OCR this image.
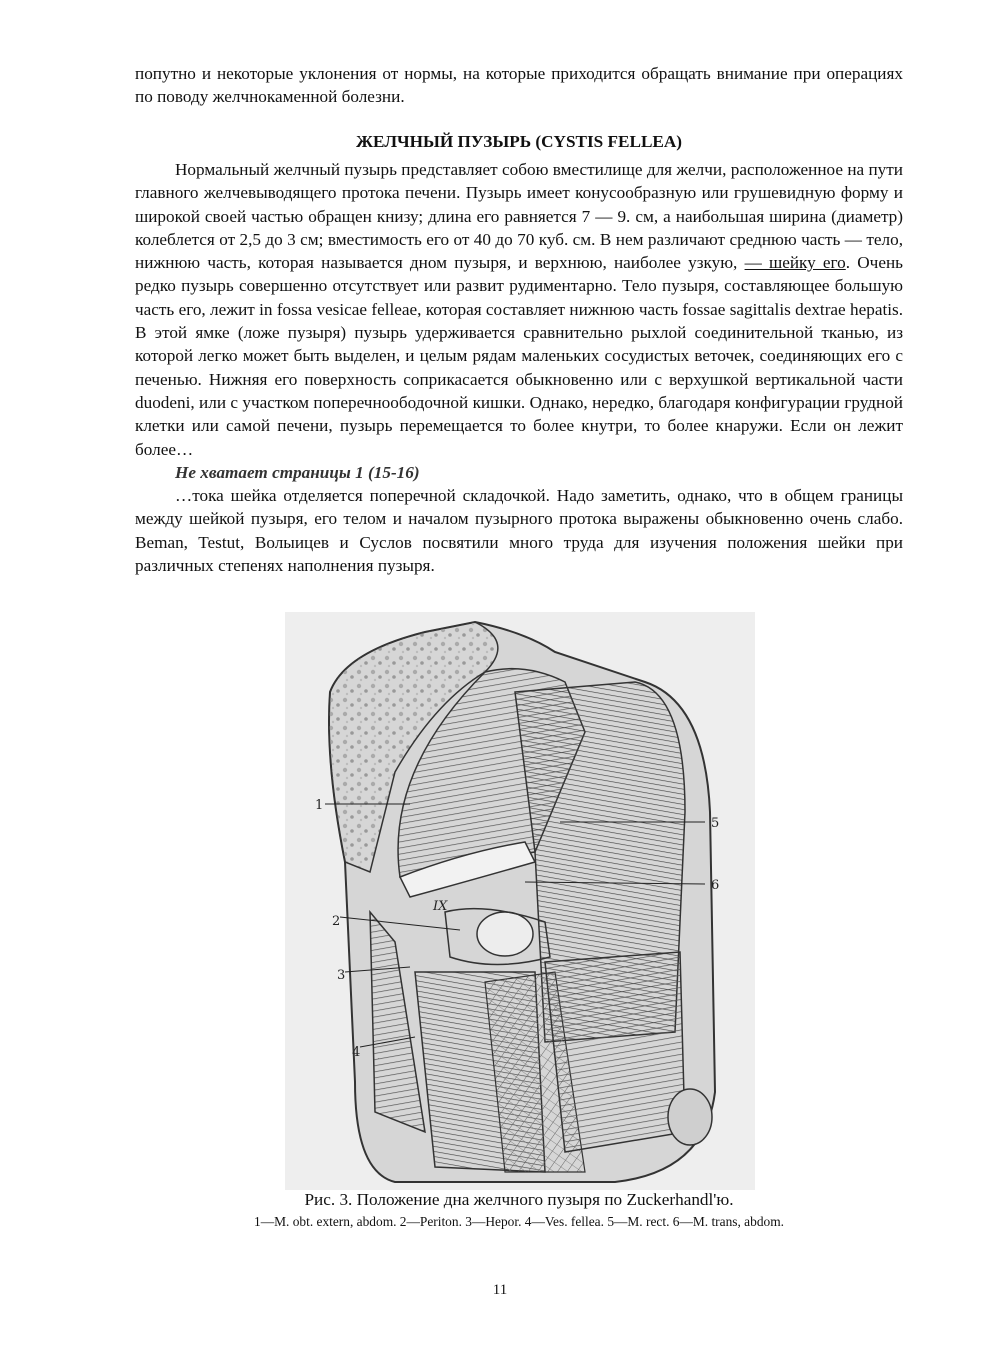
попутно и некоторые уклонения от нормы, на которые приходится обращать внимание при операциях по поводу желчнокаменной болезни.

ЖЕЛЧНЫЙ ПУЗЫРЬ (CYSTIS FELLEA)

Нормальный желчный пузырь представляет собою вместилище для желчи, расположенное на пути главного желчевыводящего протока печени. Пузырь имеет конусообразную или грушевидную форму и широкой своей частью обращен книзу; длина его равняется 7 — 9. см, а наибольшая ширина (диаметр) колеблется от 2,5 до 3 см; вместимость его от 40 до 70 куб. см. В нем различают среднюю часть — тело, нижнюю часть, которая называется дном пузыря, и верхнюю, наиболее узкую, — шейку его. Очень редко пузырь совершенно отсутствует или развит рудиментарно. Тело пузыря, составляющее большую часть его, лежит in fossa vesicae felleae, которая составляет нижнюю часть fossae sagittalis dextrae hepatis. В этой ямке (ложе пузыря) пузырь удерживается сравнительно рыхлой соединительной тканью, из которой легко может быть выделен, и целым рядам маленьких сосудистых веточек, соединяющих его с печенью. Нижняя его поверхность соприкасается обыкновенно или с верхушкой вертикальной части duodeni, или с участком поперечноободочной кишки. Однако, нередко, благодаря конфигурации грудной клетки или самой печени, пузырь перемещается то более кнутри, то более кнаружи. Если он лежит более…

Не хватает страницы 1 (15-16)

…тока шейка отделяется поперечной складочкой. Надо заметить, однако, что в общем границы между шейкой пузыря, его телом и началом пузырного протока выражены обыкновенно очень слабо. Beman, Testut, Волыицев и Суслов посвятили много труда для изучения положения шейки при различных степенях наполнения пузыря.

IX
1
2
3
4
5
6
Рис. 3. Положение дна желчного пузыря по Zuckerhandl'ю.
1—M. obt. extern, abdom. 2—Periton. 3—Hepor. 4—Ves. fellea. 5—M. rect. 6—M. trans, abdom.
11
